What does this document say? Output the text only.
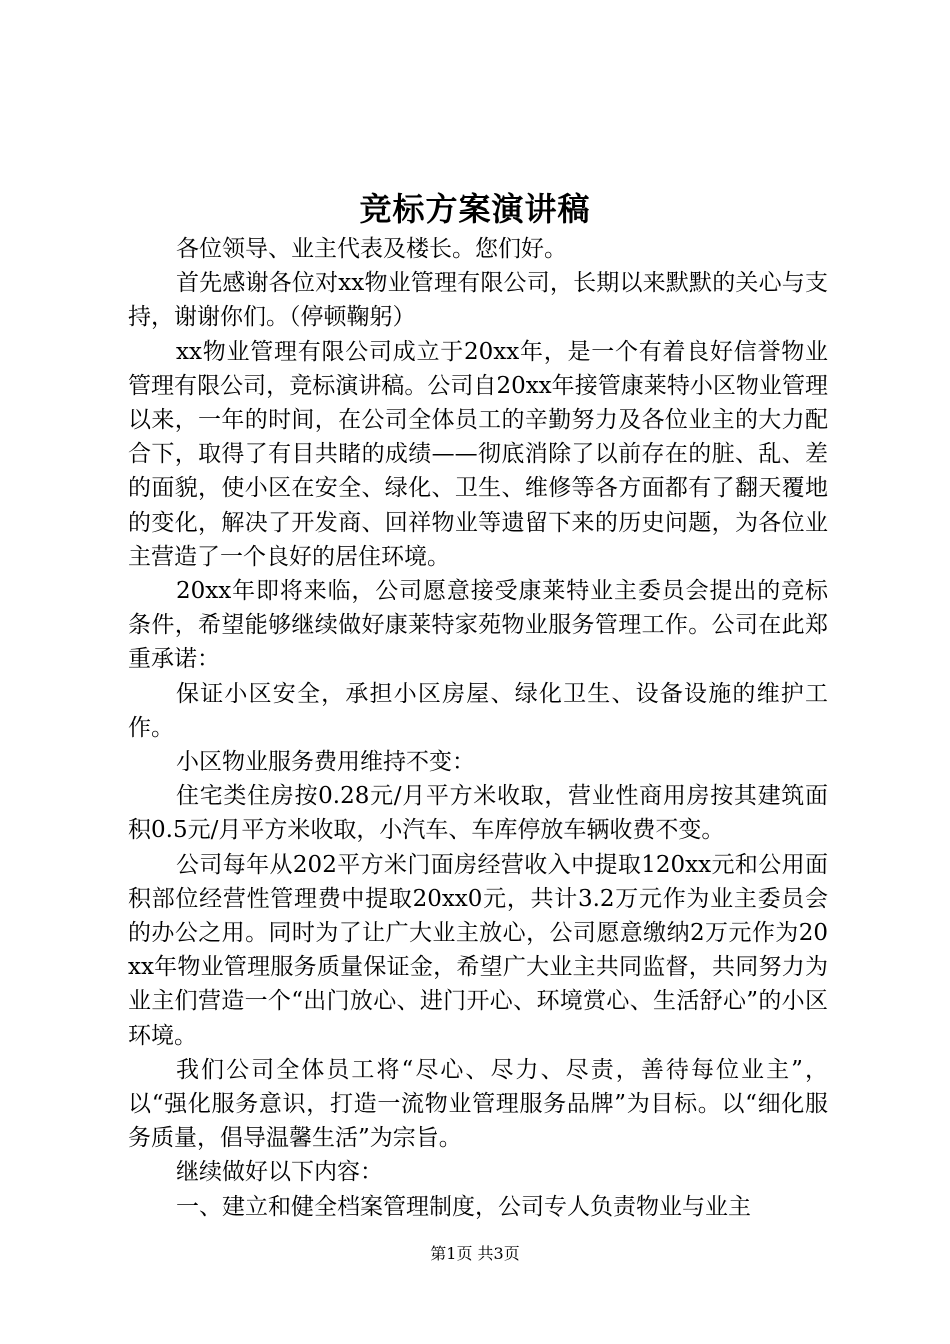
竞标方案演讲稿

各位领导、业主代表及楼长。您们好。

首先感谢各位对xx物业管理有限公司，长期以来默默的关心与支持，谢谢你们。（停顿鞠躬）

xx物业管理有限公司成立于20xx年，是一个有着良好信誉物业管理有限公司，竞标演讲稿。公司自20xx年接管康莱特小区物业管理以来，一年的时间，在公司全体员工的辛勤努力及各位业主的大力配合下，取得了有目共睹的成绩——彻底消除了以前存在的脏、乱、差的面貌，使小区在安全、绿化、卫生、维修等各方面都有了翻天覆地的变化，解决了开发商、回祥物业等遗留下来的历史问题，为各位业主营造了一个良好的居住环境。

20xx年即将来临，公司愿意接受康莱特业主委员会提出的竞标条件，希望能够继续做好康莱特家苑物业服务管理工作。公司在此郑重承诺：

保证小区安全，承担小区房屋、绿化卫生、设备设施的维护工作。

小区物业服务费用维持不变：

住宅类住房按0.28元/月平方米收取，营业性商用房按其建筑面积0.5元/月平方米收取，小汽车、车库停放车辆收费不变。

公司每年从202平方米门面房经营收入中提取120xx元和公用面积部位经营性管理费中提取20xx0元，共计3.2万元作为业主委员会的办公之用。同时为了让广大业主放心，公司愿意缴纳2万元作为20xx年物业管理服务质量保证金，希望广大业主共同监督，共同努力为业主们营造一个“出门放心、进门开心、环境赏心、生活舒心”的小区环境。

我们公司全体员工将“尽心、尽力、尽责，善待每位业主”，以“强化服务意识，打造一流物业管理服务品牌”为目标。以“细化服务质量，倡导温馨生活”为宗旨。

继续做好以下内容：

一、建立和健全档案管理制度，公司专人负责物业与业主

第1页 共3页
